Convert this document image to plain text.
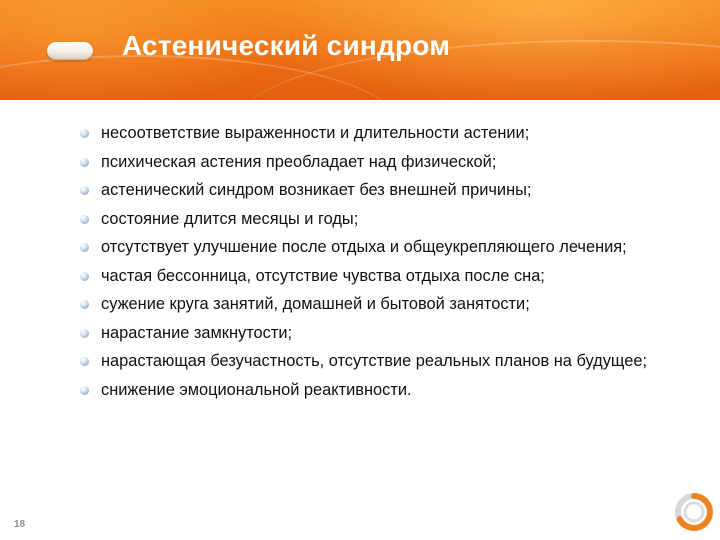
Астенический синдром
несоответствие выраженности и длительности астении;
психическая астения преобладает над физической;
астенический синдром возникает без внешней причины;
состояние длится месяцы и годы;
отсутствует улучшение после отдыха и общеукрепляющего лечения;
частая бессонница, отсутствие чувства отдыха после сна;
сужение круга занятий, домашней и бытовой занятости;
нарастание замкнутости;
нарастающая безучастность, отсутствие реальных планов на будущее;
снижение эмоциональной реактивности.
18
